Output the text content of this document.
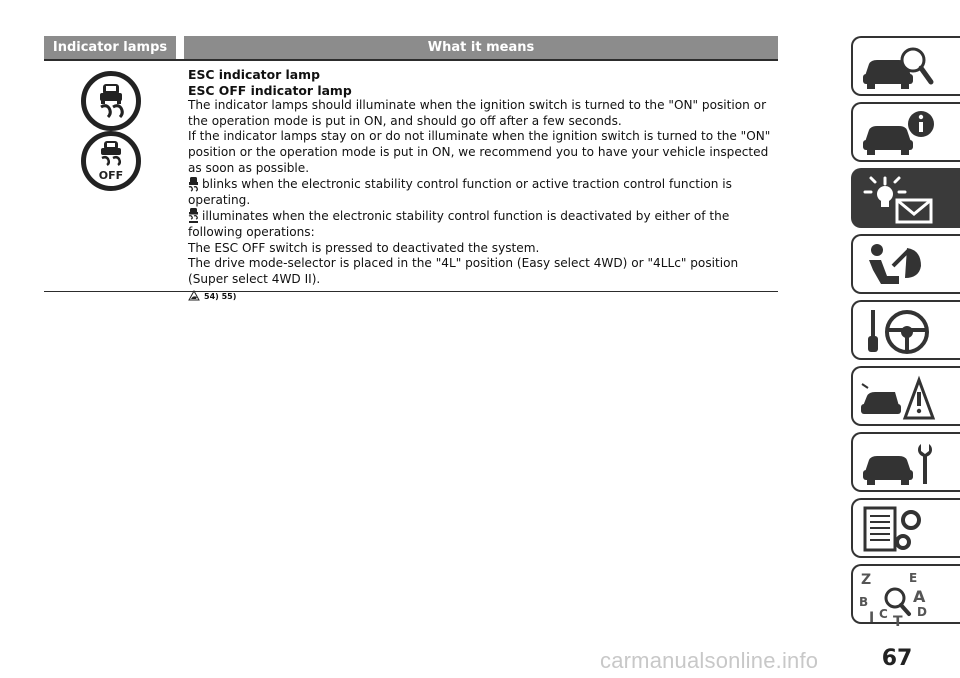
Indicator lamps	What it means
OFF

ESC indicator lamp

ESC OFF indicator lamp

The indicator lamps should illuminate when the ignition switch is turned to the "ON" position or the operation mode is put in ON, and should go off after a few seconds.

If the indicator lamps stay on or do not illuminate when the ignition switch is turned to the "ON" position or the operation mode is put in ON, we recommend you to have your vehicle inspected as soon as possible.

blinks when the electronic stability control function or active traction control function is operating.

illuminates when the electronic stability control function is deactivated by either of the following operations:

The ESC OFF switch is pressed to deactivated the system.

The drive mode-selector is placed in the "4L" position (Easy select 4WD) or "4LLc" position (Super select 4WD II).

54) 55)
Z	E
B	A
I C T
D
carmanualsonline.info	67
